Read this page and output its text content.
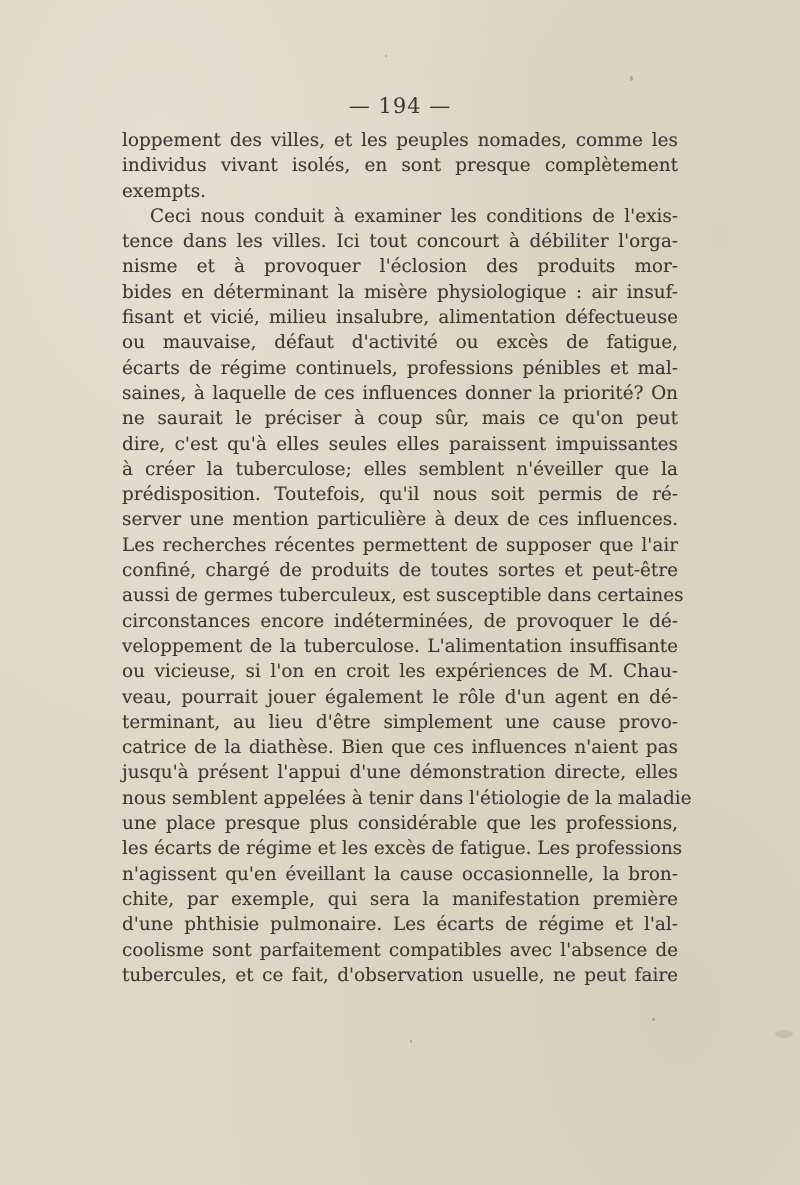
— 194 —

loppement des villes, et les peuples nomades, comme les
individus vivant isolés, en sont presque complètement
exempts.
Ceci nous conduit à examiner les conditions de l'exis-
tence dans les villes. Ici tout concourt à débiliter l'orga-
nisme et à provoquer l'éclosion des produits mor-
bides en déterminant la misère physiologique : air insuf-
fisant et vicié, milieu insalubre, alimentation défectueuse
ou mauvaise, défaut d'activité ou excès de fatigue,
écarts de régime continuels, professions pénibles et mal-
saines, à laquelle de ces influences donner la priorité? On
ne saurait le préciser à coup sûr, mais ce qu'on peut
dire, c'est qu'à elles seules elles paraissent impuissantes
à créer la tuberculose; elles semblent n'éveiller que la
prédisposition. Toutefois, qu'il nous soit permis de ré-
server une mention particulière à deux de ces influences.
Les recherches récentes permettent de supposer que l'air
confiné, chargé de produits de toutes sortes et peut-être
aussi de germes tuberculeux, est susceptible dans certaines
circonstances encore indéterminées, de provoquer le dé-
veloppement de la tuberculose. L'alimentation insuffisante
ou vicieuse, si l'on en croit les expériences de M. Chau-
veau, pourrait jouer également le rôle d'un agent en dé-
terminant, au lieu d'être simplement une cause provo-
catrice de la diathèse. Bien que ces influences n'aient pas
jusqu'à présent l'appui d'une démonstration directe, elles
nous semblent appelées à tenir dans l'étiologie de la maladie
une place presque plus considérable que les professions,
les écarts de régime et les excès de fatigue. Les professions
n'agissent qu'en éveillant la cause occasionnelle, la bron-
chite, par exemple, qui sera la manifestation première
d'une phthisie pulmonaire. Les écarts de régime et l'al-
coolisme sont parfaitement compatibles avec l'absence de
tubercules, et ce fait, d'observation usuelle, ne peut faire
